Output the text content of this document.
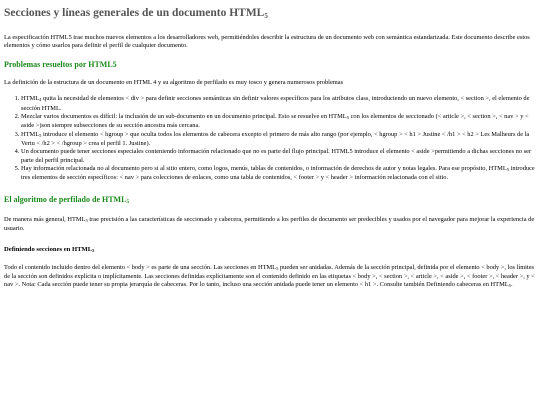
Secciones y líneas generales de un documento $HTML_5$

La especificación HTML5 trae muchos nuevos elementos a los desarrolladores web, permitiéndoles describir la estructura de un documento web con semántica estandarizada. Este documento describe estos elementos y cómo usarlos para definir el perfil de cualquier documento.

Problemas resueltos por HTML5

La definición de la estructura de un documento en HTML 4 y su algoritmo de perfilado es muy tosco y genera numerosos problemas

1. $HTML_4$ quita la necesidad de elementos < div > para definir secciones semánticas sin definir valores específicos para los atributos class, introduciendo un nuevo elemento, < section >, el elemento de sección HTML.
2. Mezclar varios documentos es difícil: la inclusión de un sub-documento en un documento principal. Esto se resuelve en $HTML_5$ con los elementos de seccionado (< article >, < section >, < nav > y < aside >)son siempre subsecciones de su sección ancestra más cercana.
3. $HTML_5$ introduce el elemento < hgroup > que oculta todos los elementos de cabecera excepto el primero de más alto rango (por ejemplo, < hgroup > < h1 > Justine < /h1 > < h2 > Les Malheurs de la Vertu < /h2 > < /hgroup > crea el perfil 1. Justine).
4. Un documento puede tener secciones especiales conteniendo información relacionado que no es parte del flujo principal. HTML5 introduce el elemento < aside >permitiendo a dichas secciones no ser parte del perfil principal.
5. Hay información relacionada no al documento pero si al sitio entero, como logos, menús, tablas de contenidos, o información de derechos de autor y notas legales. Para ese propósito, $HTML_5$ introduce tres elementos de sección específicos: < nav > para colecciones de enlaces, como una tabla de contenidos, < footer > y < header > información relacionada con el sitio.
El algoritmo de perfilado de $HTML_5$

De manera más general, $HTML_5$ trae precisión a las características de seccionado y cabecera, permitiendo a los perfiles de documento ser predecibles y usados por el navegador para mejorar la experiencia de usuario.

Definiendo secciones en $HTML_5$

Todo el contenido incluido dentro del elemento < body > es parte de una sección. Las secciones en $HTML_5$ pueden ser anidadas. Además de la sección principal, definida por el elemento < body >, los límites de la sección son definidos explícita o implícitamente. Las secciones definidas explícitamente son el contenido definido en las etiquetas < body >, < section >, < article >, < aside >, < footer >, < header >, y < nav >. Nota: Cada sección puede tener su propia jerarquía de cabeceras. Por lo tanto, incluso una sección anidada puede tener un elemento < h1 >. Consulte también Definiendo cabeceras en $HTML_5$.
